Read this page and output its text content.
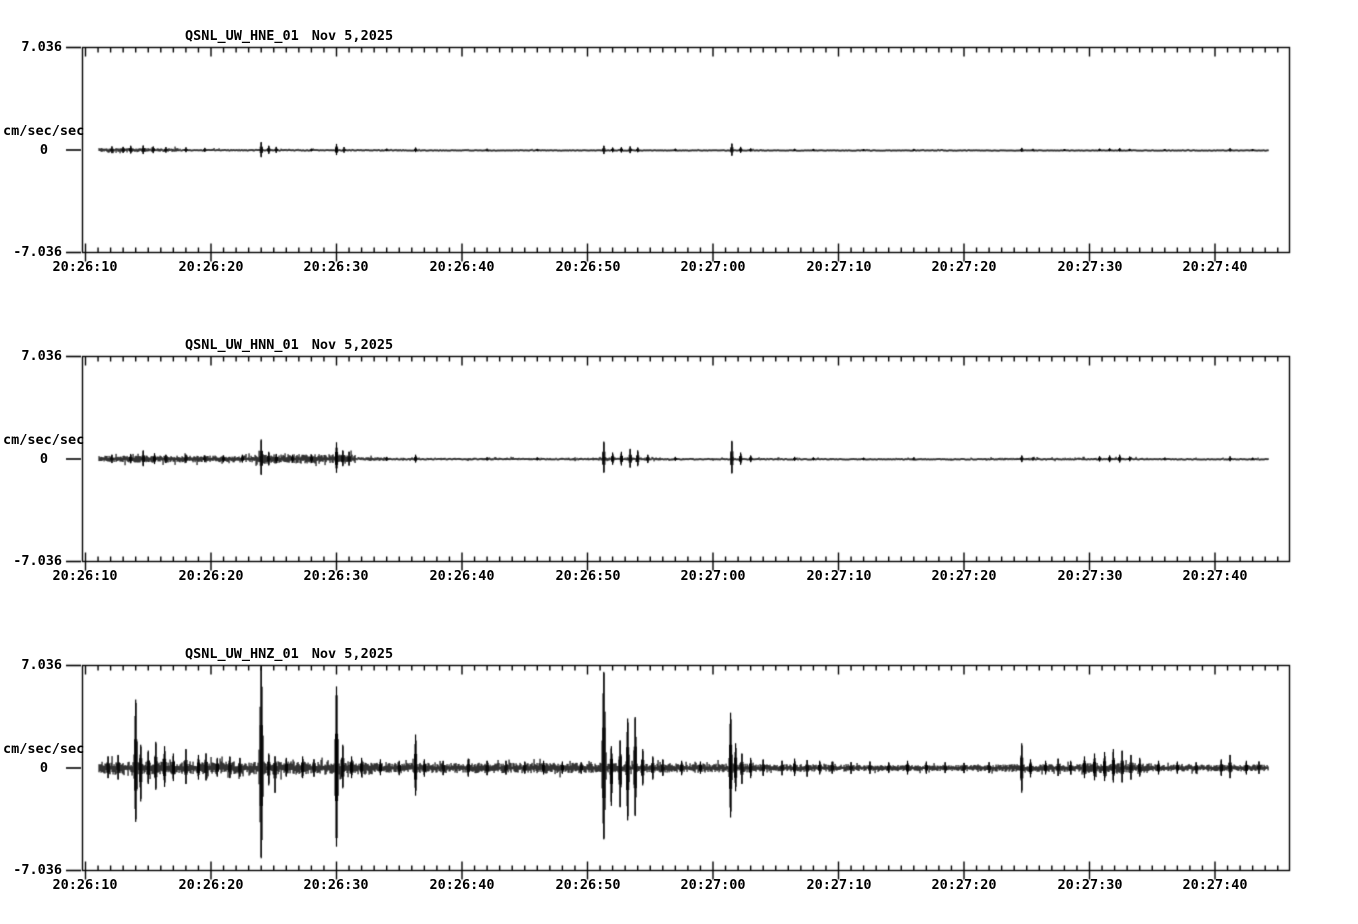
QSNL_UW_HNE_01 Nov 5,2025
7.036
cm/sec/sec
0
-7.036
20:26:10	20:26:20	20:26:30	20:26:40	20:26:50	20:27:00	20:27:10	20:27:20	20:27:30	20:27:40
QSNL_UW_HNN_01 Nov 5,2025
7.036
cm/sec/sec
0
-7.036
20:26:10	20:26:20	20:26:30	20:26:40	20:26:50	20:27:00	20:27:10	20:27:20	20:27:30	20:27:40
QSNL_UW_HNZ_01 Nov 5,2025
7.036
cm/sec/sec
0
-7.036
20:26:10	20:26:20	20:26:30	20:26:40	20:26:50	20:27:00	20:27:10	20:27:20	20:27:30	20:27:40
